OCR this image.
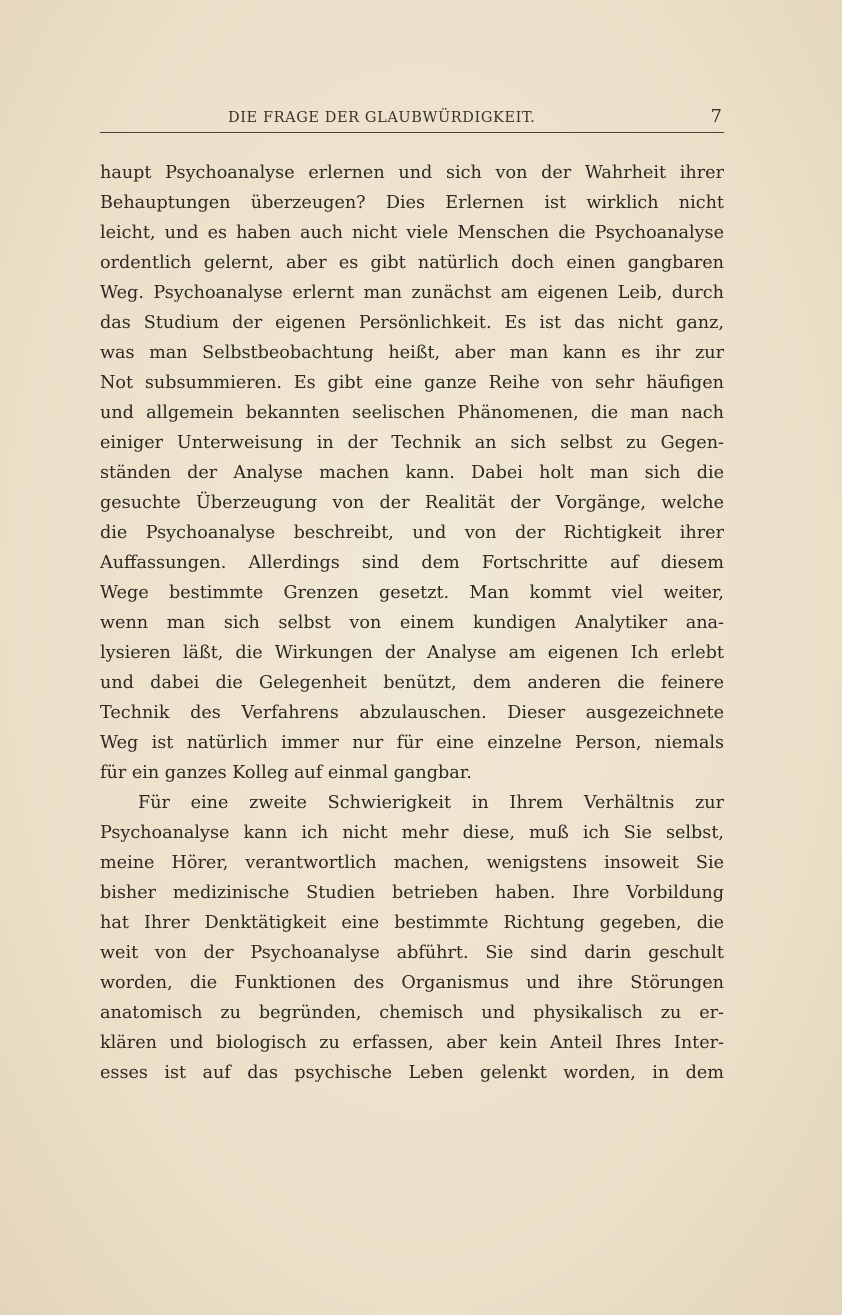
DIE FRAGE DER GLAUBWÜRDIGKEIT.	7
haupt Psychoanalyse erlernen und sich von der Wahrheit ihrer
Behauptungen überzeugen? Dies Erlernen ist wirklich nicht
leicht, und es haben auch nicht viele Menschen die Psychoanalyse
ordentlich gelernt, aber es gibt natürlich doch einen gangbaren
Weg. Psychoanalyse erlernt man zunächst am eigenen Leib, durch
das Studium der eigenen Persönlichkeit. Es ist das nicht ganz,
was man Selbstbeobachtung heißt, aber man kann es ihr zur
Not subsummieren. Es gibt eine ganze Reihe von sehr häufigen
und allgemein bekannten seelischen Phänomenen, die man nach
einiger Unterweisung in der Technik an sich selbst zu Gegen-
ständen der Analyse machen kann. Dabei holt man sich die
gesuchte Überzeugung von der Realität der Vorgänge, welche
die Psychoanalyse beschreibt, und von der Richtigkeit ihrer
Auffassungen. Allerdings sind dem Fortschritte auf diesem
Wege bestimmte Grenzen gesetzt. Man kommt viel weiter,
wenn man sich selbst von einem kundigen Analytiker ana-
lysieren läßt, die Wirkungen der Analyse am eigenen Ich erlebt
und dabei die Gelegenheit benützt, dem anderen die feinere
Technik des Verfahrens abzulauschen. Dieser ausgezeichnete
Weg ist natürlich immer nur für eine einzelne Person, niemals
für ein ganzes Kolleg auf einmal gangbar.
Für eine zweite Schwierigkeit in Ihrem Verhältnis zur
Psychoanalyse kann ich nicht mehr diese, muß ich Sie selbst,
meine Hörer, verantwortlich machen, wenigstens insoweit Sie
bisher medizinische Studien betrieben haben. Ihre Vorbildung
hat Ihrer Denktätigkeit eine bestimmte Richtung gegeben, die
weit von der Psychoanalyse abführt. Sie sind darin geschult
worden, die Funktionen des Organismus und ihre Störungen
anatomisch zu begründen, chemisch und physikalisch zu er-
klären und biologisch zu erfassen, aber kein Anteil Ihres Inter-
esses ist auf das psychische Leben gelenkt worden, in dem
